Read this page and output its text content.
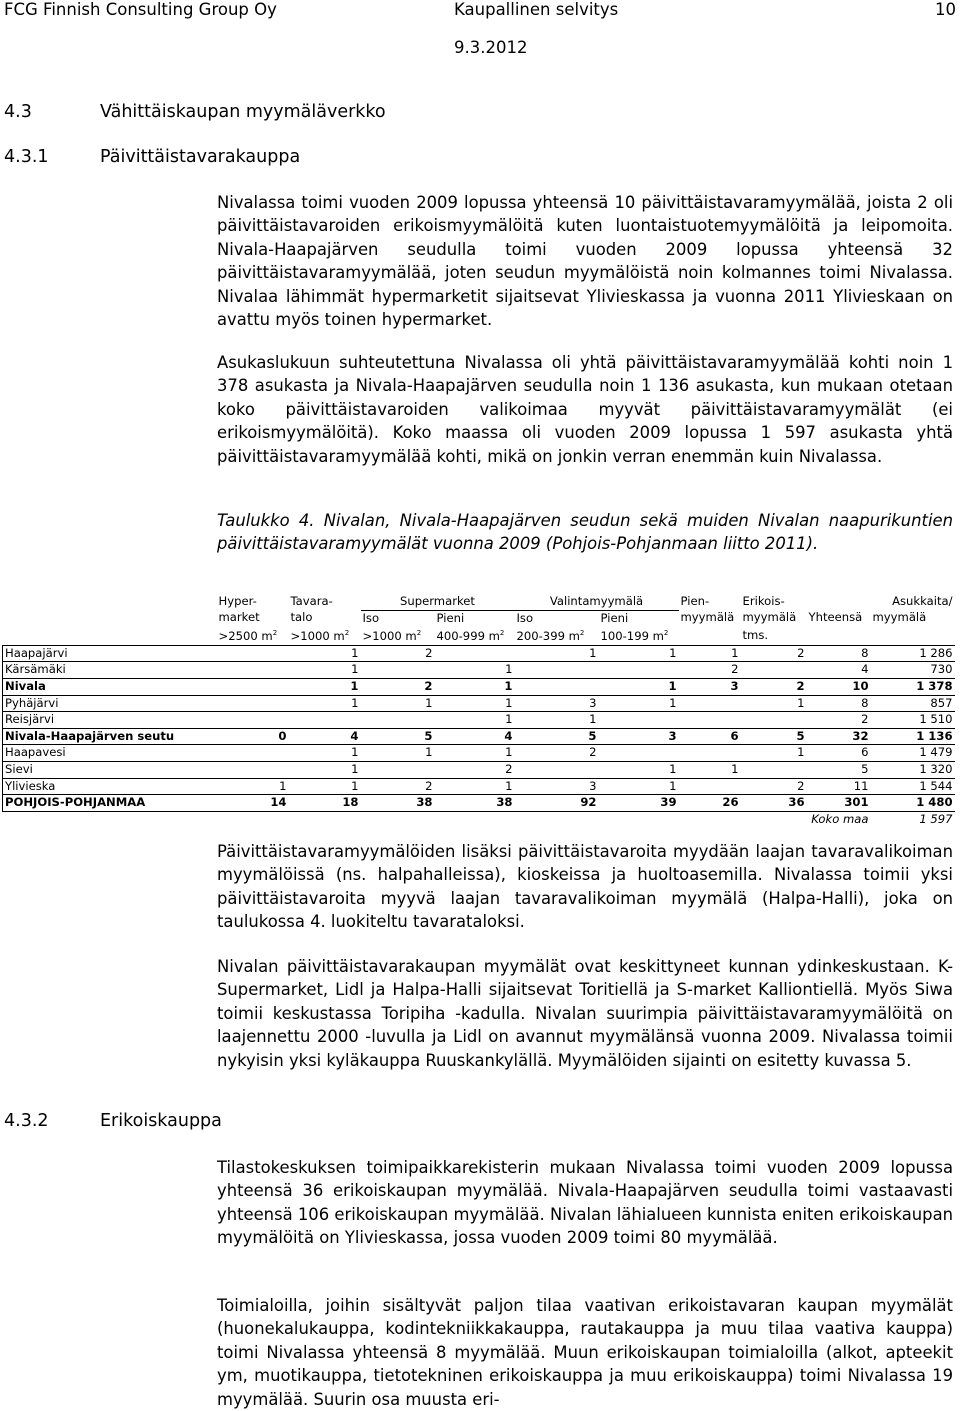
FCG Finnish Consulting Group Oy	Kaupallinen selvitys	10
9.3.2012
4.3	Vähittäiskaupan myymäläverkko
4.3.1	Päivittäistavarakauppa
4.3.2	Erikoiskauppa

Nivalassa toimi vuoden 2009 lopussa yhteensä 10 päivittäistavaramyymälää, joista 2 oli päivittäistavaroiden erikoismyymälöitä kuten luontaistuotemyymälöitä ja leipomoita. Nivala-Haapajärven seudulla toimi vuoden 2009 lopussa yhteensä 32 päivittäistavaramyymälää, joten seudun myymälöistä noin kolmannes toimi Nivalassa. Nivalaa lähimmät hypermarketit sijaitsevat Ylivieskassa ja vuonna 2011 Ylivieskaan on avattu myös toinen hypermarket.

Asukaslukuun suhteutettuna Nivalassa oli yhtä päivittäistavaramyymälää kohti noin 1 378 asukasta ja Nivala-Haapajärven seudulla noin 1 136 asukasta, kun mukaan otetaan koko päivittäistavaroiden valikoimaa myyvät päivittäistavaramyymälät (ei erikoismyymälöitä). Koko maassa oli vuoden 2009 lopussa 1 597 asukasta yhtä päivittäistavaramyymälää kohti, mikä on jonkin verran enemmän kuin Nivalassa.

Taulukko 4. Nivalan, Nivala-Haapajärven seudun sekä muiden Nivalan naapurikuntien päivittäistavaramyymälät vuonna 2009 (Pohjois-Pohjanmaan liitto 2011).

	Hyper-	Tavara-	Supermarket		Valintamyymälä		Pien-	Erikois-		Asukkaita/
	market	talo	Iso	Pieni	Iso	Pieni	myymälä	myymälä	Yhteensä	myymälä
	>2500 $m^2$	>1000 $m^2$	>1000 $m^2$	400-999 $m^2$	200-399 $m^2$	100-199 $m^2$		tms.		
Haapajärvi		1	2		1	1	1	2	8	1 286
Kärsämäki		1		1			2		4	730
Nivala		1	2	1		1	3	2	10	1 378
Pyhäjärvi		1	1	1	3	1		1	8	857
Reisjärvi				1	1				2	1 510
Nivala-Haapajärven seutu	0	4	5	4	5	3	6	5	32	1 136
Haapavesi		1	1	1	2			1	6	1 479
Sievi		1		2		1	1		5	1 320
Ylivieska	1	1	2	1	3	1		2	11	1 544
POHJOIS-POHJANMAA	14	18	38	38	92	39	26	36	301	1 480
									Koko maa	1 597

Päivittäistavaramyymälöiden lisäksi päivittäistavaroita myydään laajan tavaravalikoiman myymälöissä (ns. halpahalleissa), kioskeissa ja huoltoasemilla. Nivalassa toimii yksi päivittäistavaroita myyvä laajan tavaravalikoiman myymälä (Halpa-Halli), joka on taulukossa 4. luokiteltu tavarataloksi.

Nivalan päivittäistavarakaupan myymälät ovat keskittyneet kunnan ydinkeskustaan. K-Supermarket, Lidl ja Halpa-Halli sijaitsevat Toritiellä ja S-market Kalliontiellä. Myös Siwa toimii keskustassa Toripiha -kadulla. Nivalan suurimpia päivittäistavaramyymälöitä on laajennettu 2000 -luvulla ja Lidl on avannut myymälänsä vuonna 2009. Nivalassa toimii nykyisin yksi kyläkauppa Ruuskankylällä. Myymälöiden sijainti on esitetty kuvassa 5.

Tilastokeskuksen toimipaikkarekisterin mukaan Nivalassa toimi vuoden 2009 lopussa yhteensä 36 erikoiskaupan myymälää. Nivala-Haapajärven seudulla toimi vastaavasti yhteensä 106 erikoiskaupan myymälää. Nivalan lähialueen kunnista eniten erikoiskaupan myymälöitä on Ylivieskassa, jossa vuoden 2009 toimi 80 myymälää.

Toimialoilla, joihin sisältyvät paljon tilaa vaativan erikoistavaran kaupan myymälät (huonekalukauppa, kodintekniikkakauppa, rautakauppa ja muu tilaa vaativa kauppa) toimi Nivalassa yhteensä 8 myymälää. Muun erikoiskaupan toimialoilla (alkot, apteekit ym, muotikauppa, tietotekninen erikoiskauppa ja muu erikoiskauppa) toimi Nivalassa 19 myymälää. Suurin osa muusta eri-
